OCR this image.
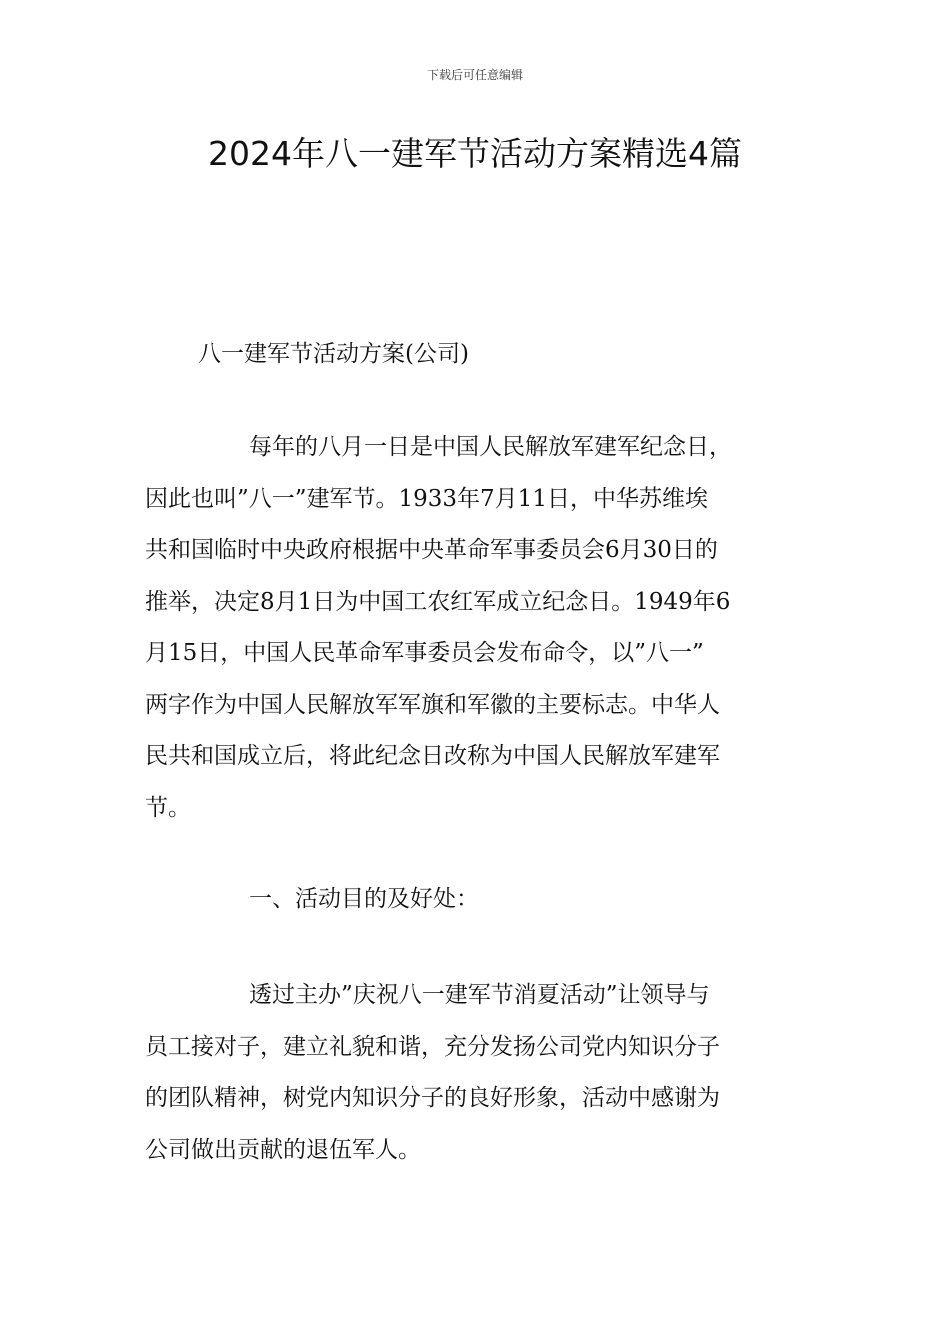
下载后可任意编辑
2024年八一建军节活动方案精选4篇
八一建军节活动方案(公司)
每年的八月一日是中国人民解放军建军纪念日，
因此也叫”八一”建军节。1933年7月11日，中华苏维埃
共和国临时中央政府根据中央革命军事委员会6月30日的
推举，决定8月1日为中国工农红军成立纪念日。1949年6
月15日，中国人民革命军事委员会发布命令，以”八一”
两字作为中国人民解放军军旗和军徽的主要标志。中华人
民共和国成立后，将此纪念日改称为中国人民解放军建军
节。
一、活动目的及好处：
透过主办”庆祝八一建军节消夏活动”让领导与
员工接对子，建立礼貌和谐，充分发扬公司党内知识分子
的团队精神，树党内知识分子的良好形象，活动中感谢为
公司做出贡献的退伍军人。
